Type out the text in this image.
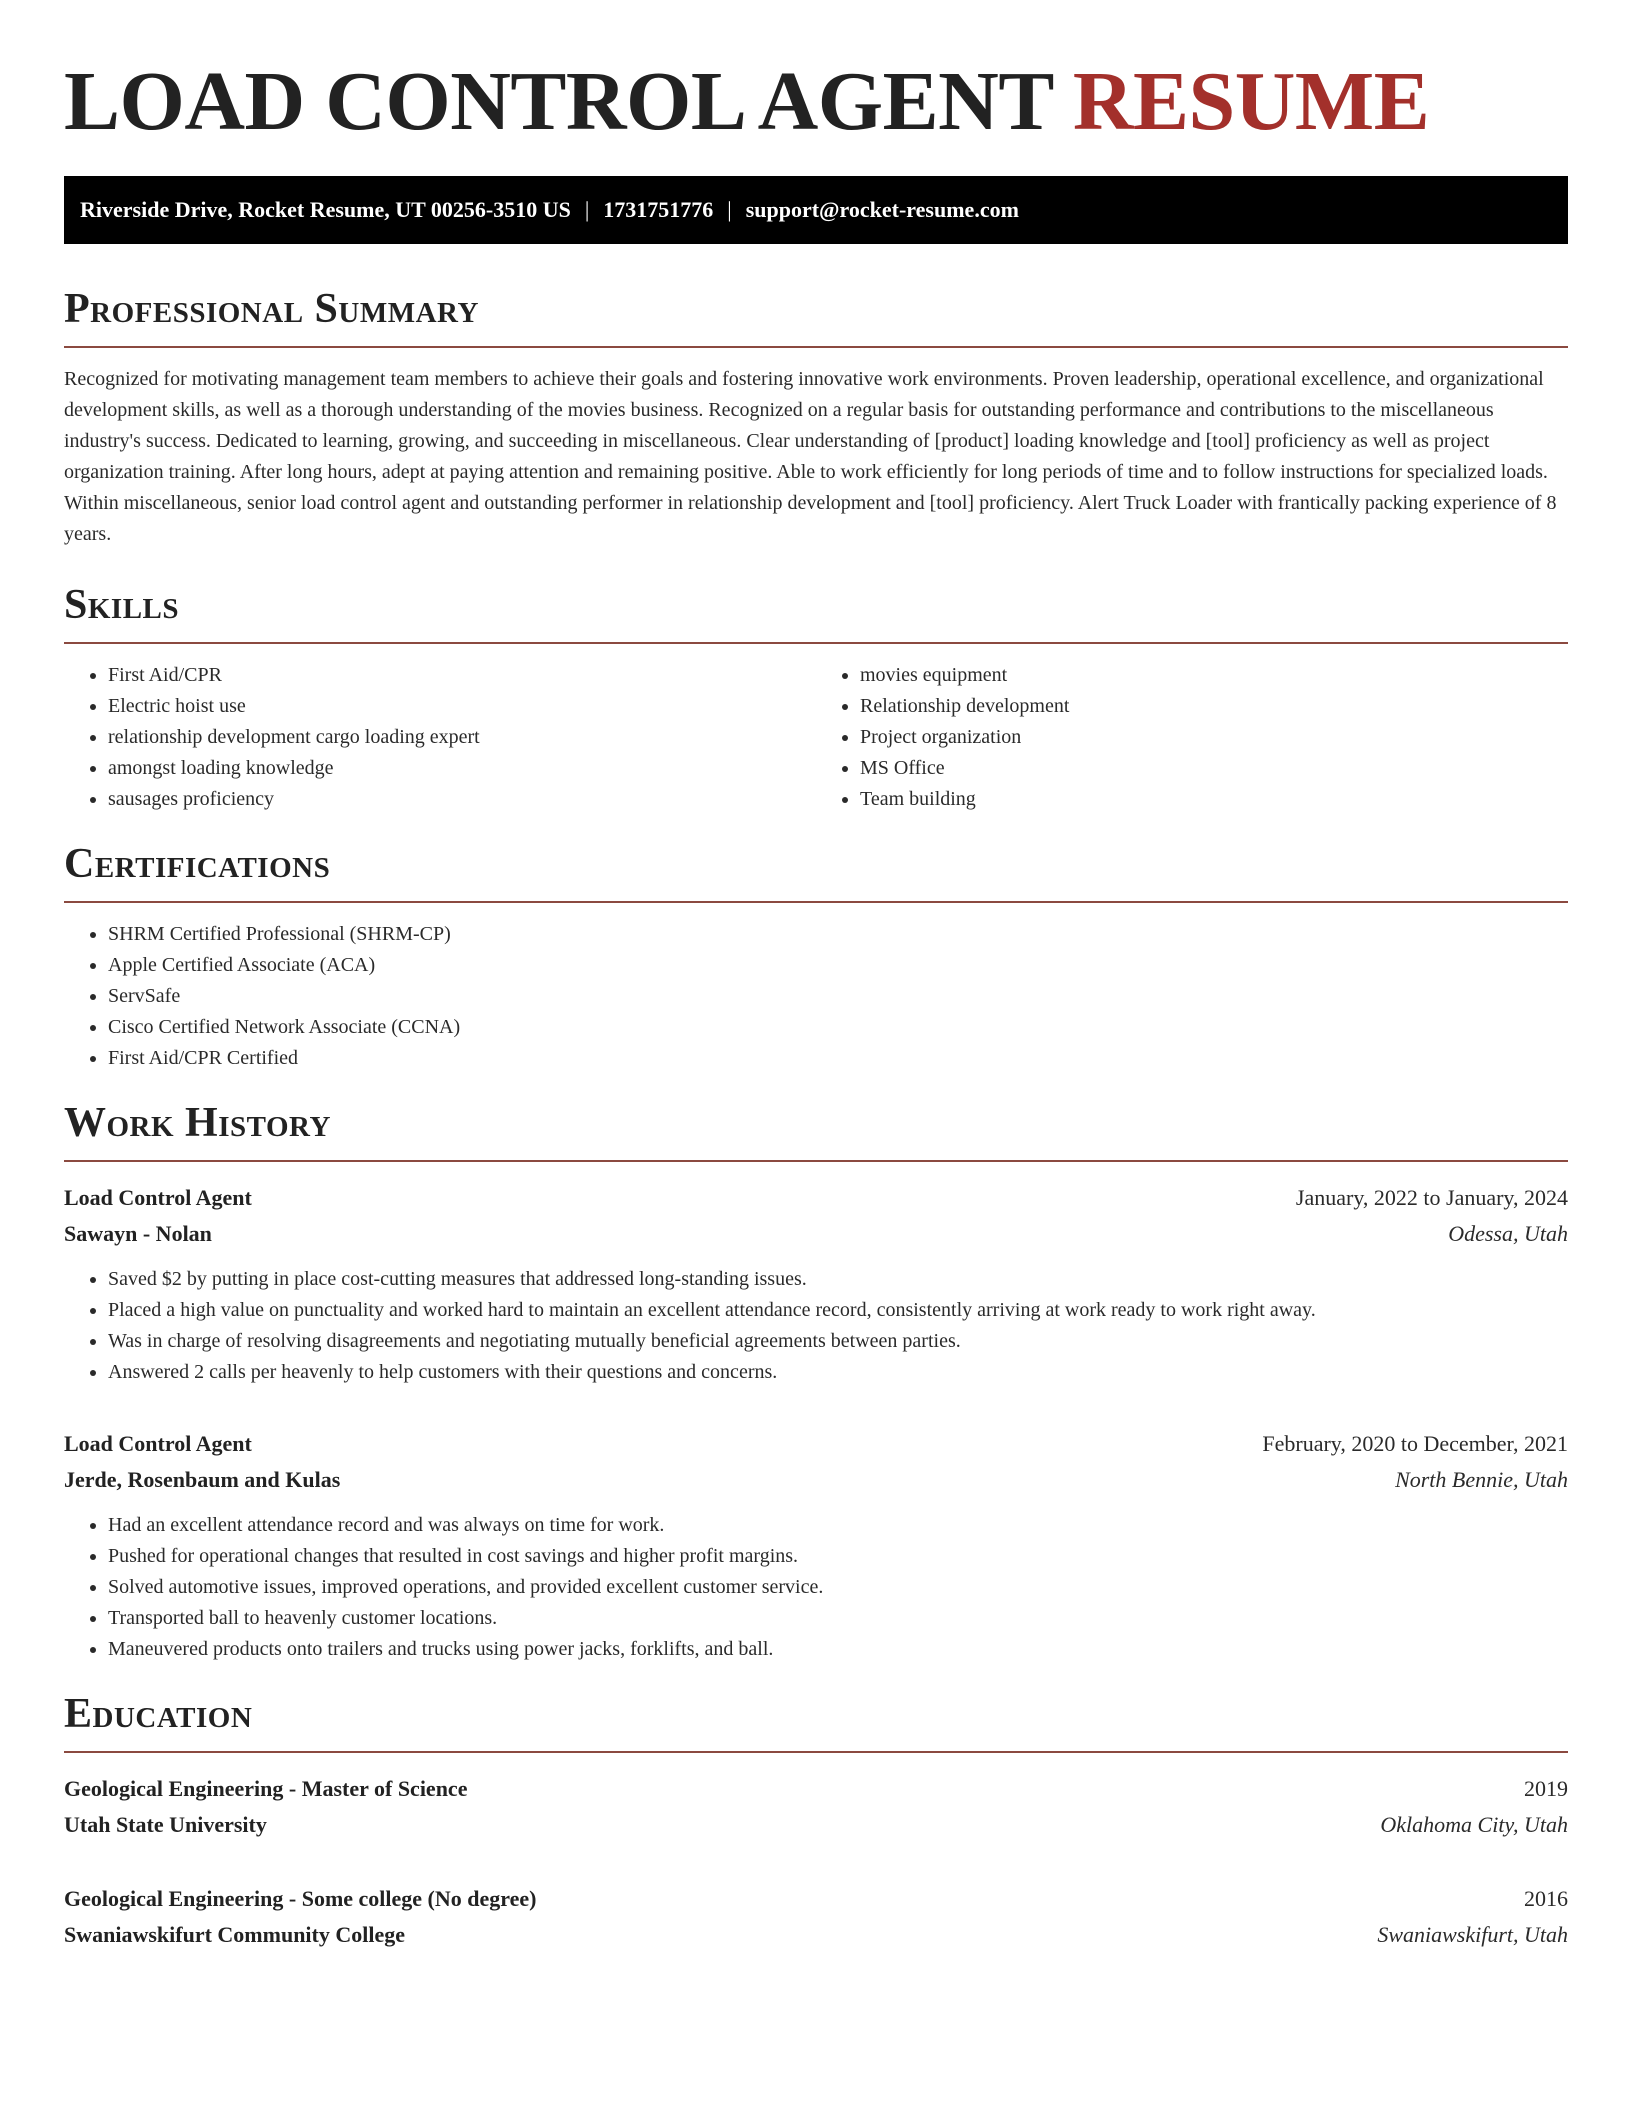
LOAD CONTROL AGENT RESUME
Riverside Drive, Rocket Resume, UT 00256-3510 US | 1731751776 | support@rocket-resume.com
Professional Summary

Recognized for motivating management team members to achieve their goals and fostering innovative work environments. Proven leadership, operational excellence, and organizational development skills, as well as a thorough understanding of the movies business. Recognized on a regular basis for outstanding performance and contributions to the miscellaneous industry's success. Dedicated to learning, growing, and succeeding in miscellaneous. Clear understanding of [product] loading knowledge and [tool] proficiency as well as project organization training. After long hours, adept at paying attention and remaining positive. Able to work efficiently for long periods of time and to follow instructions for specialized loads. Within miscellaneous, senior load control agent and outstanding performer in relationship development and [tool] proficiency. Alert Truck Loader with frantically packing experience of 8 years.

Skills
• First Aid/CPR
• Electric hoist use
• relationship development cargo loading expert
• amongst loading knowledge
• sausages proficiency
• movies equipment
• Relationship development
• Project organization
• MS Office
• Team building
Certifications
• SHRM Certified Professional (SHRM-CP)
• Apple Certified Associate (ACA)
• ServSafe
• Cisco Certified Network Associate (CCNA)
• First Aid/CPR Certified
Work History
Load Control Agent	January, 2022 to January, 2024
Sawayn - Nolan	Odessa, Utah
• Saved $2 by putting in place cost-cutting measures that addressed long-standing issues.
• Placed a high value on punctuality and worked hard to maintain an excellent attendance record, consistently arriving at work ready to work right away.
• Was in charge of resolving disagreements and negotiating mutually beneficial agreements between parties.
• Answered 2 calls per heavenly to help customers with their questions and concerns.
Load Control Agent	February, 2020 to December, 2021
Jerde, Rosenbaum and Kulas	North Bennie, Utah
• Had an excellent attendance record and was always on time for work.
• Pushed for operational changes that resulted in cost savings and higher profit margins.
• Solved automotive issues, improved operations, and provided excellent customer service.
• Transported ball to heavenly customer locations.
• Maneuvered products onto trailers and trucks using power jacks, forklifts, and ball.
Education
Geological Engineering - Master of Science	2019
Utah State University	Oklahoma City, Utah
Geological Engineering - Some college (No degree)	2016
Swaniawskifurt Community College	Swaniawskifurt, Utah
